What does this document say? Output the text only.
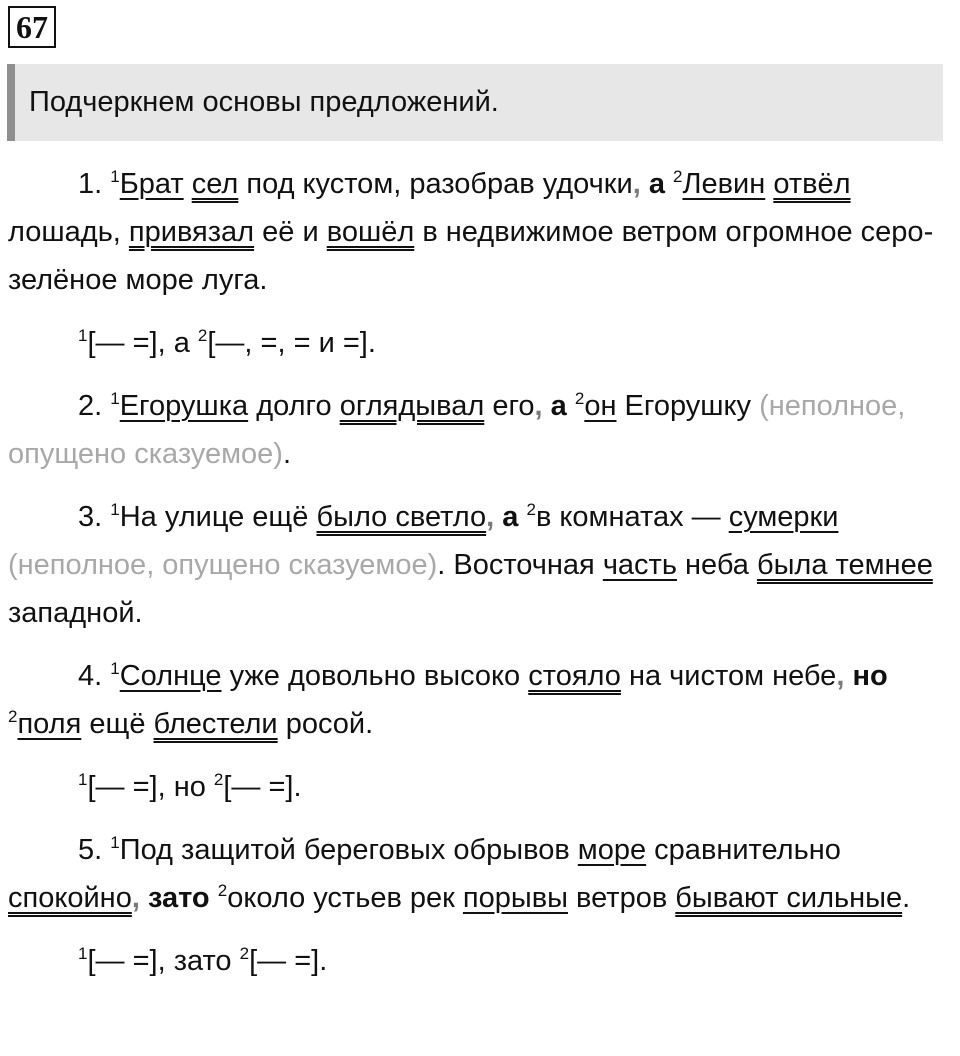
67
Подчеркнем основы предложений.

1. $^1$Брат сел под кустом, разобрав удочки, а $^2$Левин отвёл лошадь, привязал её и вошёл в недвижимое ветром огромное серо-зелёное море луга.

$^1$[— =], а $^2$[—, =, = и =].

2. $^1$Егорушка долго оглядывал его, а $^2$он Егорушку (неполное, опущено сказуемое).

3. $^1$На улице ещё было светло, а $^2$в комнатах — сумерки (неполное, опущено сказуемое). Восточная часть неба была темнее западной.

4. $^1$Солнце уже довольно высоко стояло на чистом небе, но $^2$поля ещё блестели росой.

$^1$[— =], но $^2$[— =].

5. $^1$Под защитой береговых обрывов море сравнительно спокойно, зато $^2$около устьев рек порывы ветров бывают сильные.

$^1$[— =], зато $^2$[— =].
